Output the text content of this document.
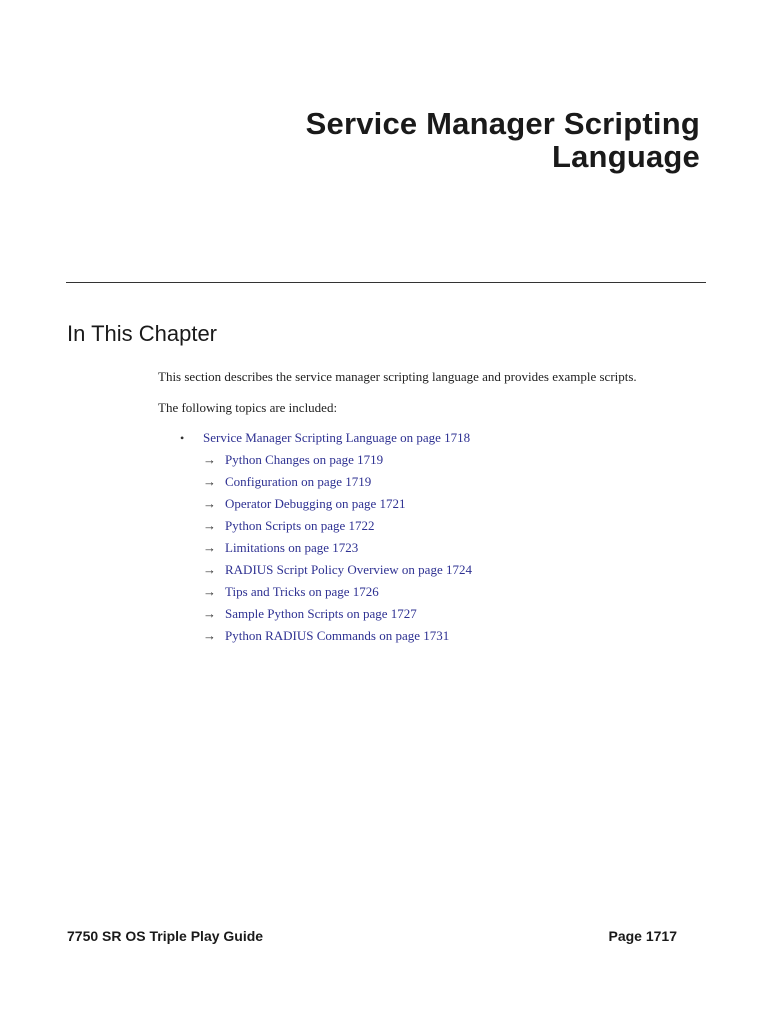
Service Manager Scripting
Language
In This Chapter

This section describes the service manager scripting language and provides example scripts.

The following topics are included:

• Service Manager Scripting Language on page 1718
→ Python Changes on page 1719
→ Configuration on page 1719
→ Operator Debugging on page 1721
→ Python Scripts on page 1722
→ Limitations on page 1723
→ RADIUS Script Policy Overview on page 1724
→ Tips and Tricks on page 1726
→ Sample Python Scripts on page 1727
→ Python RADIUS Commands on page 1731
7750 SR OS Triple Play Guide	Page 1717
